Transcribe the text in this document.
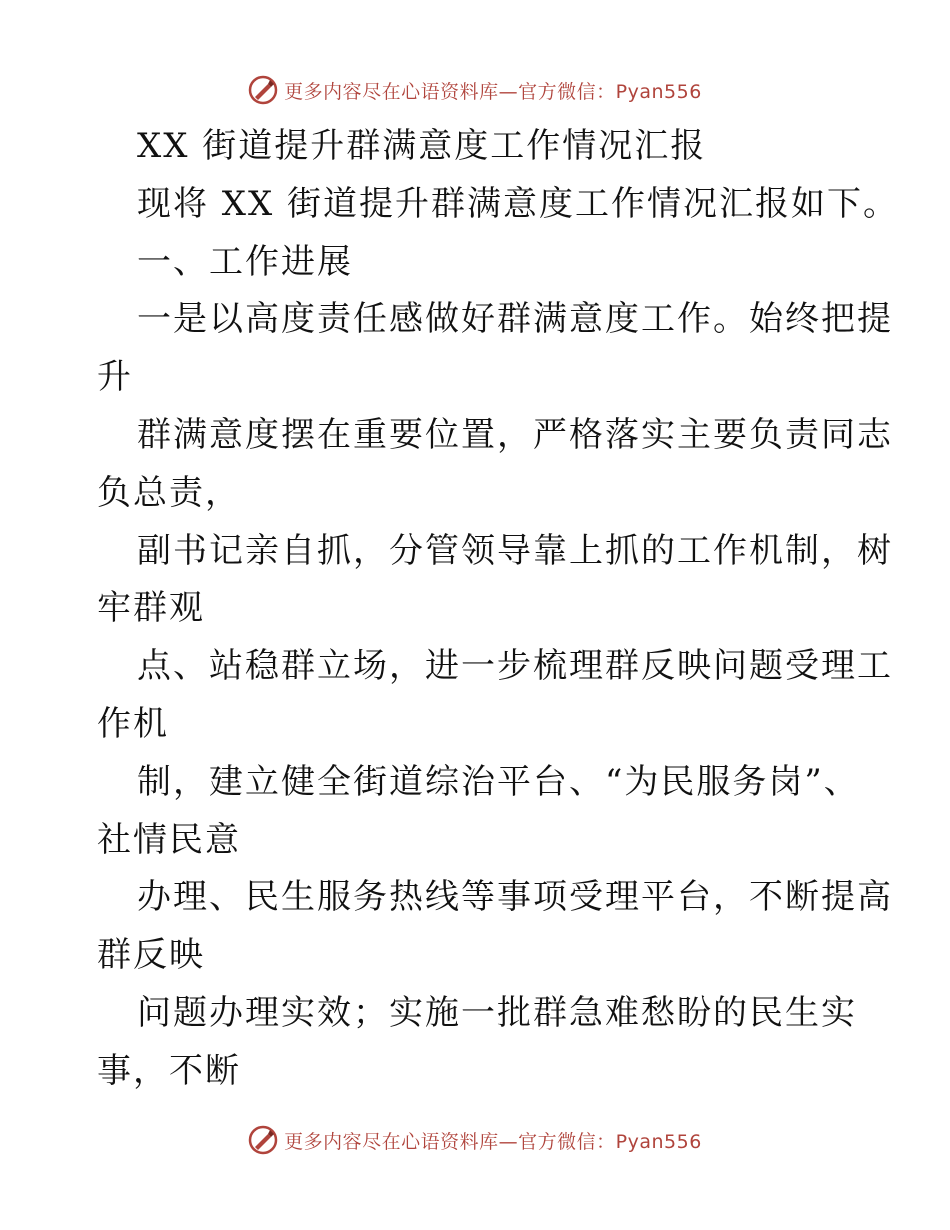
更多内容尽在心语资料库—官方微信：Pyan556
XX 街道提升群满意度工作情况汇报
现将 XX 街道提升群满意度工作情况汇报如下。
一、工作进展
一是以高度责任感做好群满意度工作。始终把提
升
群满意度摆在重要位置，严格落实主要负责同志
负总责，
副书记亲自抓，分管领导靠上抓的工作机制，树
牢群观
点、站稳群立场，进一步梳理群反映问题受理工
作机
制，建立健全街道综治平台、“为民服务岗”、
社情民意
办理、民生服务热线等事项受理平台，不断提高
群反映
问题办理实效；实施一批群急难愁盼的民生实
事，不断
更多内容尽在心语资料库—官方微信：Pyan556
